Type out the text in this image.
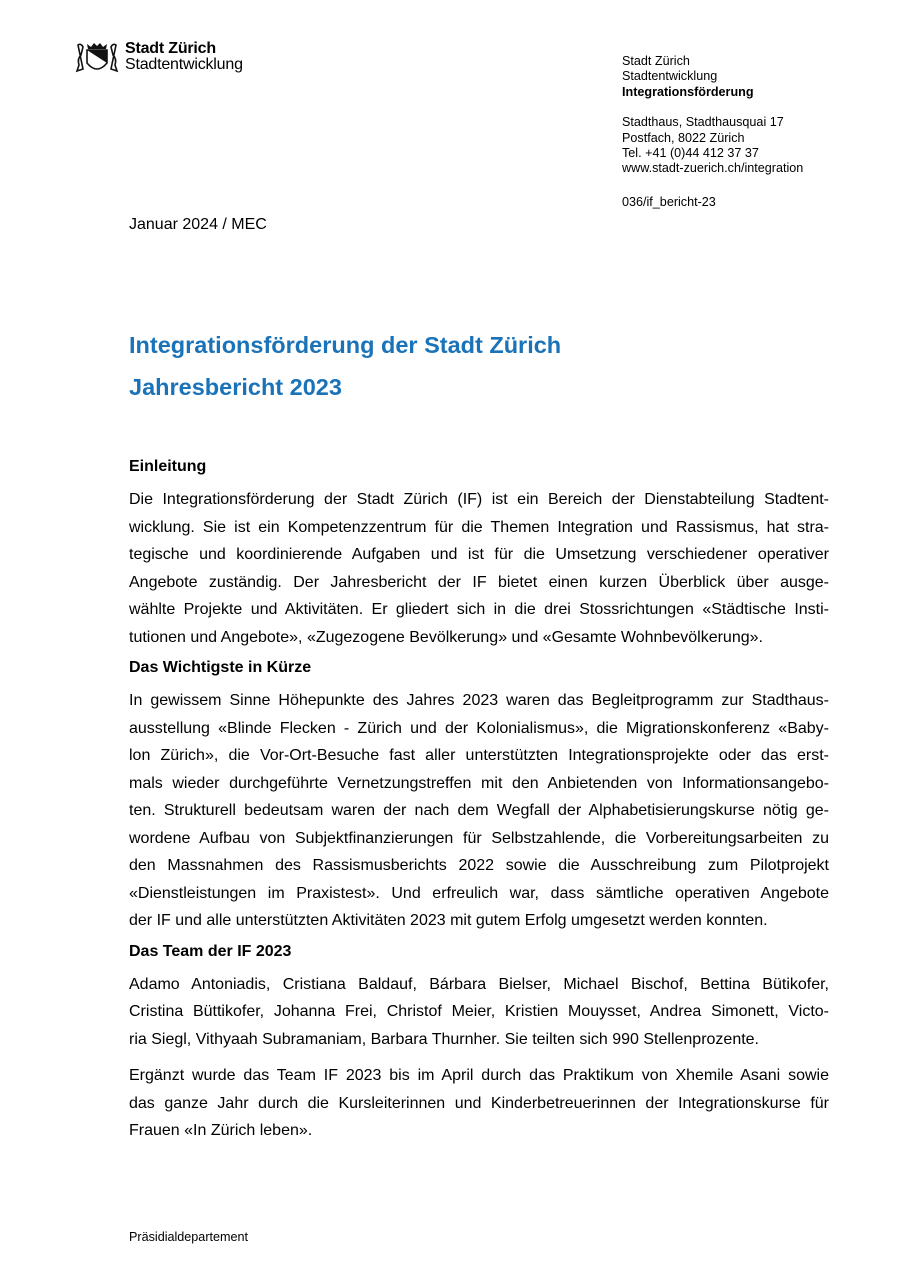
Stadt Zürich
Stadtentwicklung	Stadt Zürich
Stadtentwicklung
Integrationsförderung
Stadthaus, Stadthausquai 17
Postfach, 8022 Zürich
Tel. +41 (0)44 412 37 37
www.stadt-zuerich.ch/integration
036/if_bericht-23
Januar 2024 / MEC
Integrationsförderung der Stadt Zürich
Jahresbericht 2023
Einleitung

Die Integrationsförderung der Stadt Zürich (IF) ist ein Bereich der Dienstabteilung Stadtent-
wicklung. Sie ist ein Kompetenzzentrum für die Themen Integration und Rassismus, hat stra-
tegische und koordinierende Aufgaben und ist für die Umsetzung verschiedener operativer
Angebote zuständig. Der Jahresbericht der IF bietet einen kurzen Überblick über ausge-
wählte Projekte und Aktivitäten. Er gliedert sich in die drei Stossrichtungen «Städtische Insti-
tutionen und Angebote», «Zugezogene Bevölkerung» und «Gesamte Wohnbevölkerung».

Das Wichtigste in Kürze

In gewissem Sinne Höhepunkte des Jahres 2023 waren das Begleitprogramm zur Stadthaus-
ausstellung «Blinde Flecken - Zürich und der Kolonialismus», die Migrationskonferenz «Baby-
lon Zürich», die Vor-Ort-Besuche fast aller unterstützten Integrationsprojekte oder das erst-
mals wieder durchgeführte Vernetzungstreffen mit den Anbietenden von Informationsangebo-
ten. Strukturell bedeutsam waren der nach dem Wegfall der Alphabetisierungskurse nötig ge-
wordene Aufbau von Subjektfinanzierungen für Selbstzahlende, die Vorbereitungsarbeiten zu
den Massnahmen des Rassismusberichts 2022 sowie die Ausschreibung zum Pilotprojekt
«Dienstleistungen im Praxistest». Und erfreulich war, dass sämtliche operativen Angebote
der IF und alle unterstützten Aktivitäten 2023 mit gutem Erfolg umgesetzt werden konnten.

Das Team der IF 2023

Adamo Antoniadis, Cristiana Baldauf, Bárbara Bielser, Michael Bischof, Bettina Bütikofer,
Cristina Büttikofer, Johanna Frei, Christof Meier, Kristien Mouysset, Andrea Simonett, Victo-
ria Siegl, Vithyaah Subramaniam, Barbara Thurnher. Sie teilten sich 990 Stellenprozente.

Ergänzt wurde das Team IF 2023 bis im April durch das Praktikum von Xhemile Asani sowie
das ganze Jahr durch die Kursleiterinnen und Kinderbetreuerinnen der Integrationskurse für
Frauen «In Zürich leben».

Präsidialdepartement
